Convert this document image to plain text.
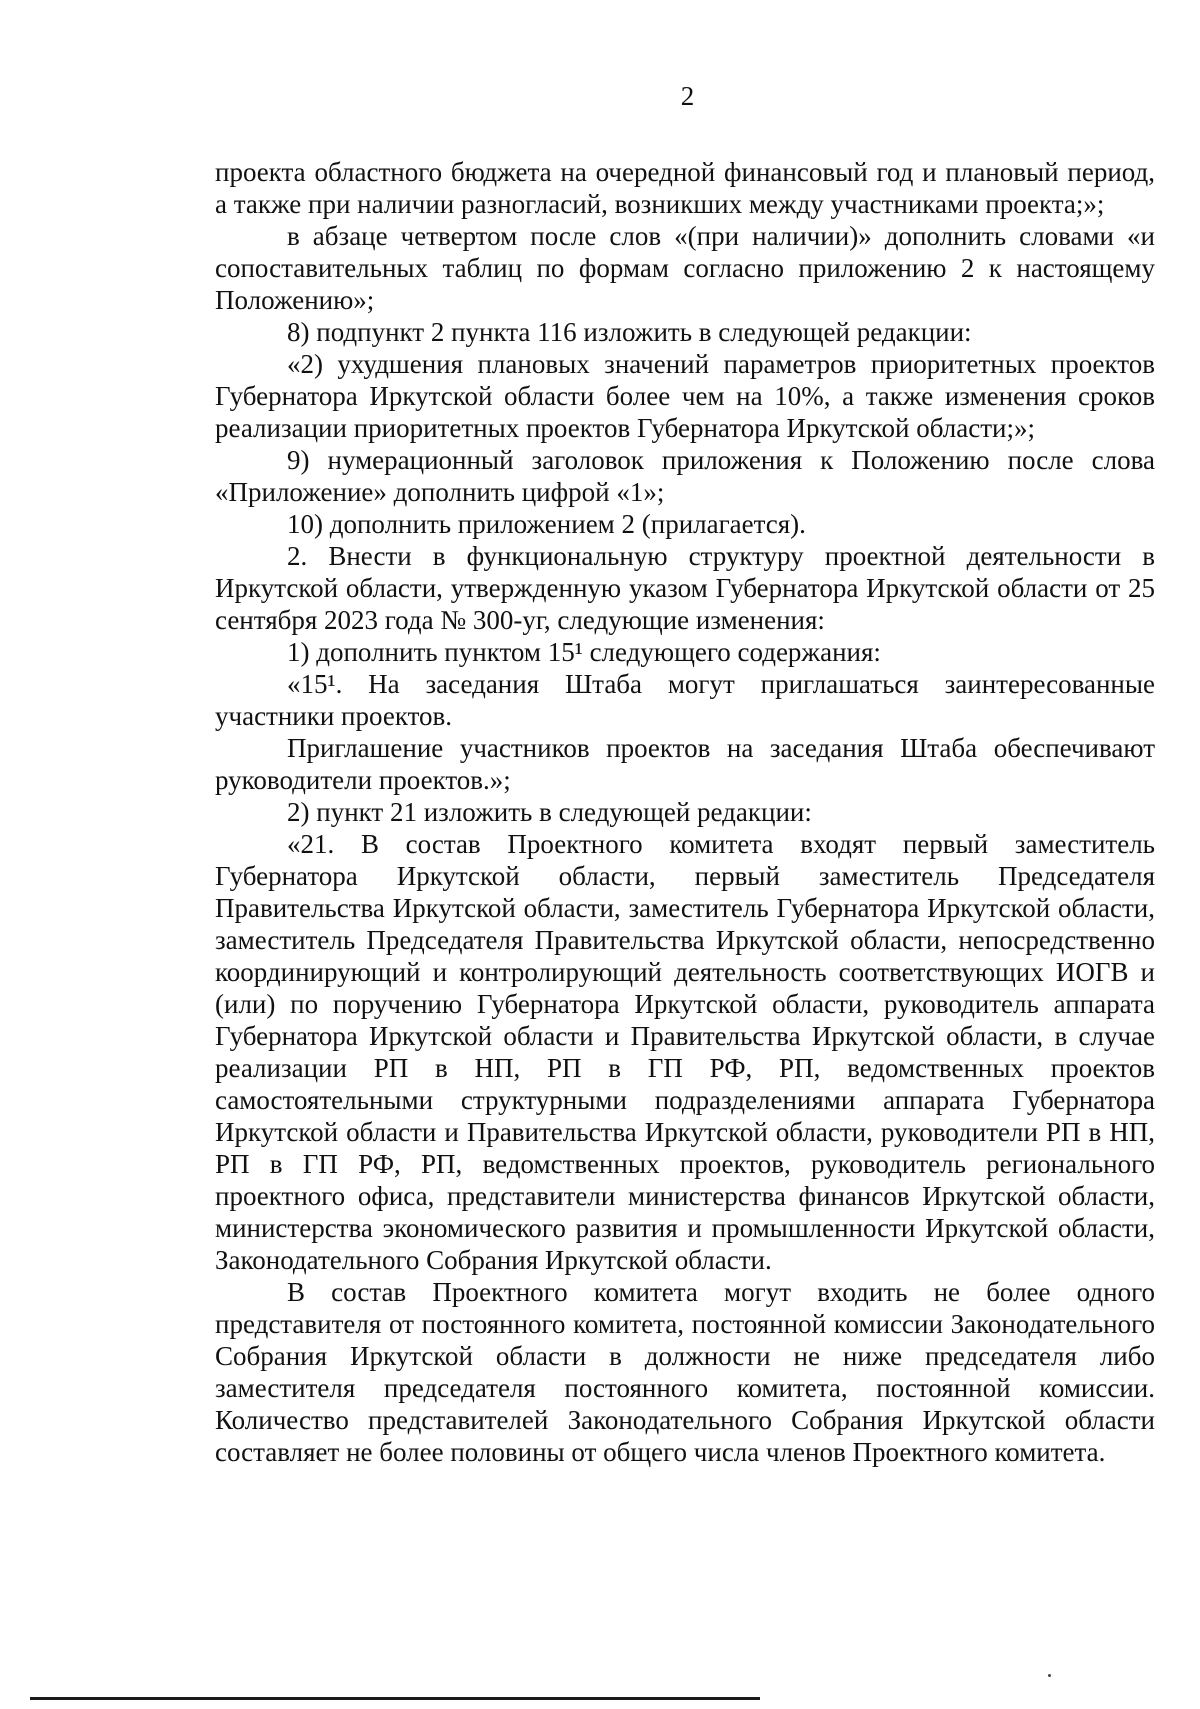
2

проекта областного бюджета на очередной финансовый год и плановый период, а также при наличии разногласий, возникших между участниками проекта;»;

в абзаце четвертом после слов «(при наличии)» дополнить словами «и сопоставительных таблиц по формам согласно приложению 2 к настоящему Положению»;

8) подпункт 2 пункта 116 изложить в следующей редакции:

«2) ухудшения плановых значений параметров приоритетных проектов Губернатора Иркутской области более чем на 10%, а также изменения сроков реализации приоритетных проектов Губернатора Иркутской области;»;

9) нумерационный заголовок приложения к Положению после слова «Приложение» дополнить цифрой «1»;

10) дополнить приложением 2 (прилагается).

2. Внести в функциональную структуру проектной деятельности в Иркутской области, утвержденную указом Губернатора Иркутской области от 25 сентября 2023 года № 300-уг, следующие изменения:

1) дополнить пунктом 15¹ следующего содержания:

«15¹. На заседания Штаба могут приглашаться заинтересованные участники проектов.

Приглашение участников проектов на заседания Штаба обеспечивают руководители проектов.»;

2) пункт 21 изложить в следующей редакции:

«21. В состав Проектного комитета входят первый заместитель Губернатора Иркутской области, первый заместитель Председателя Правительства Иркутской области, заместитель Губернатора Иркутской области, заместитель Председателя Правительства Иркутской области, непосредственно координирующий и контролирующий деятельность соответствующих ИОГВ и (или) по поручению Губернатора Иркутской области, руководитель аппарата Губернатора Иркутской области и Правительства Иркутской области, в случае реализации РП в НП, РП в ГП РФ, РП, ведомственных проектов самостоятельными структурными подразделениями аппарата Губернатора Иркутской области и Правительства Иркутской области, руководители РП в НП, РП в ГП РФ, РП, ведомственных проектов, руководитель регионального проектного офиса, представители министерства финансов Иркутской области, министерства экономического развития и промышленности Иркутской области, Законодательного Собрания Иркутской области.

В состав Проектного комитета могут входить не более одного представителя от постоянного комитета, постоянной комиссии Законодательного Собрания Иркутской области в должности не ниже председателя либо заместителя председателя постоянного комитета, постоянной комиссии. Количество представителей Законодательного Собрания Иркутской области составляет не более половины от общего числа членов Проектного комитета.
